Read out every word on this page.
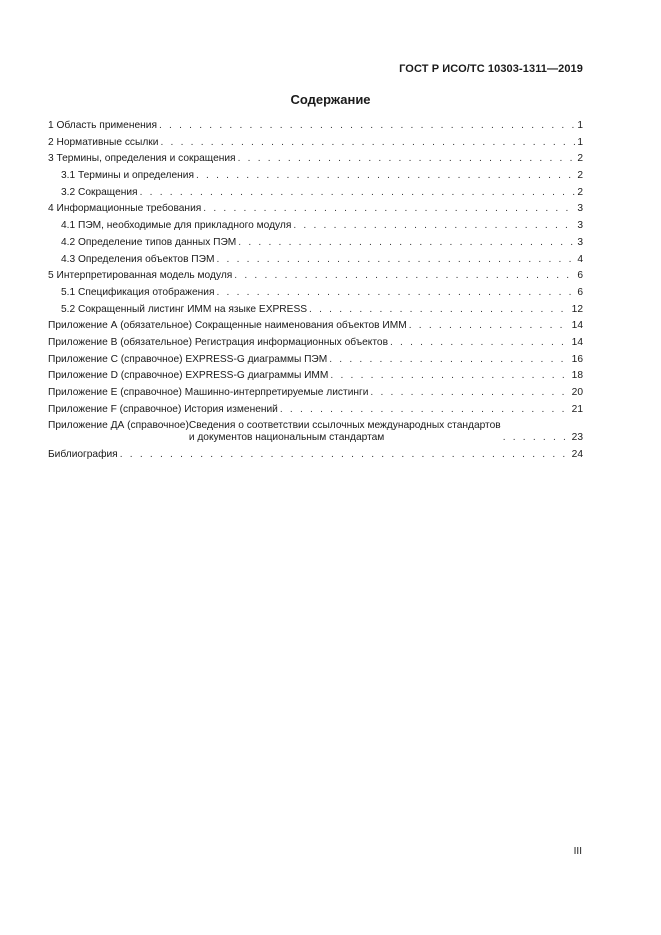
ГОСТ Р ИСО/ТС 10303-1311—2019
Содержание
1 Область применения . . .	1
2 Нормативные ссылки . . .	1
3 Термины, определения и сокращения . . .	2
3.1 Термины и определения . . .	2
3.2 Сокращения . . .	2
4 Информационные требования . . .	3
4.1 ПЭМ, необходимые для прикладного модуля . . .	3
4.2 Определение типов данных ПЭМ . . .	3
4.3 Определения объектов ПЭМ . . .	4
5 Интерпретированная модель модуля . . .	6
5.1 Спецификация отображения . . .	6
5.2 Сокращенный листинг ИММ на языке EXPRESS . . .	12
Приложение А (обязательное) Сокращенные наименования объектов ИММ . . .	14
Приложение В (обязательное) Регистрация информационных объектов . . .	14
Приложение С (справочное) EXPRESS-G диаграммы ПЭМ . . .	16
Приложение D (справочное) EXPRESS-G диаграммы ИММ . . .	18
Приложение Е (справочное) Машинно-интерпретируемые листинги . . .	20
Приложение F (справочное) История изменений . . .	21
Приложение ДА (справочное) Сведения о соответствии ссылочных международных стандартов
и документов национальным стандартам . . .	23
Библиография . . .	24
III
